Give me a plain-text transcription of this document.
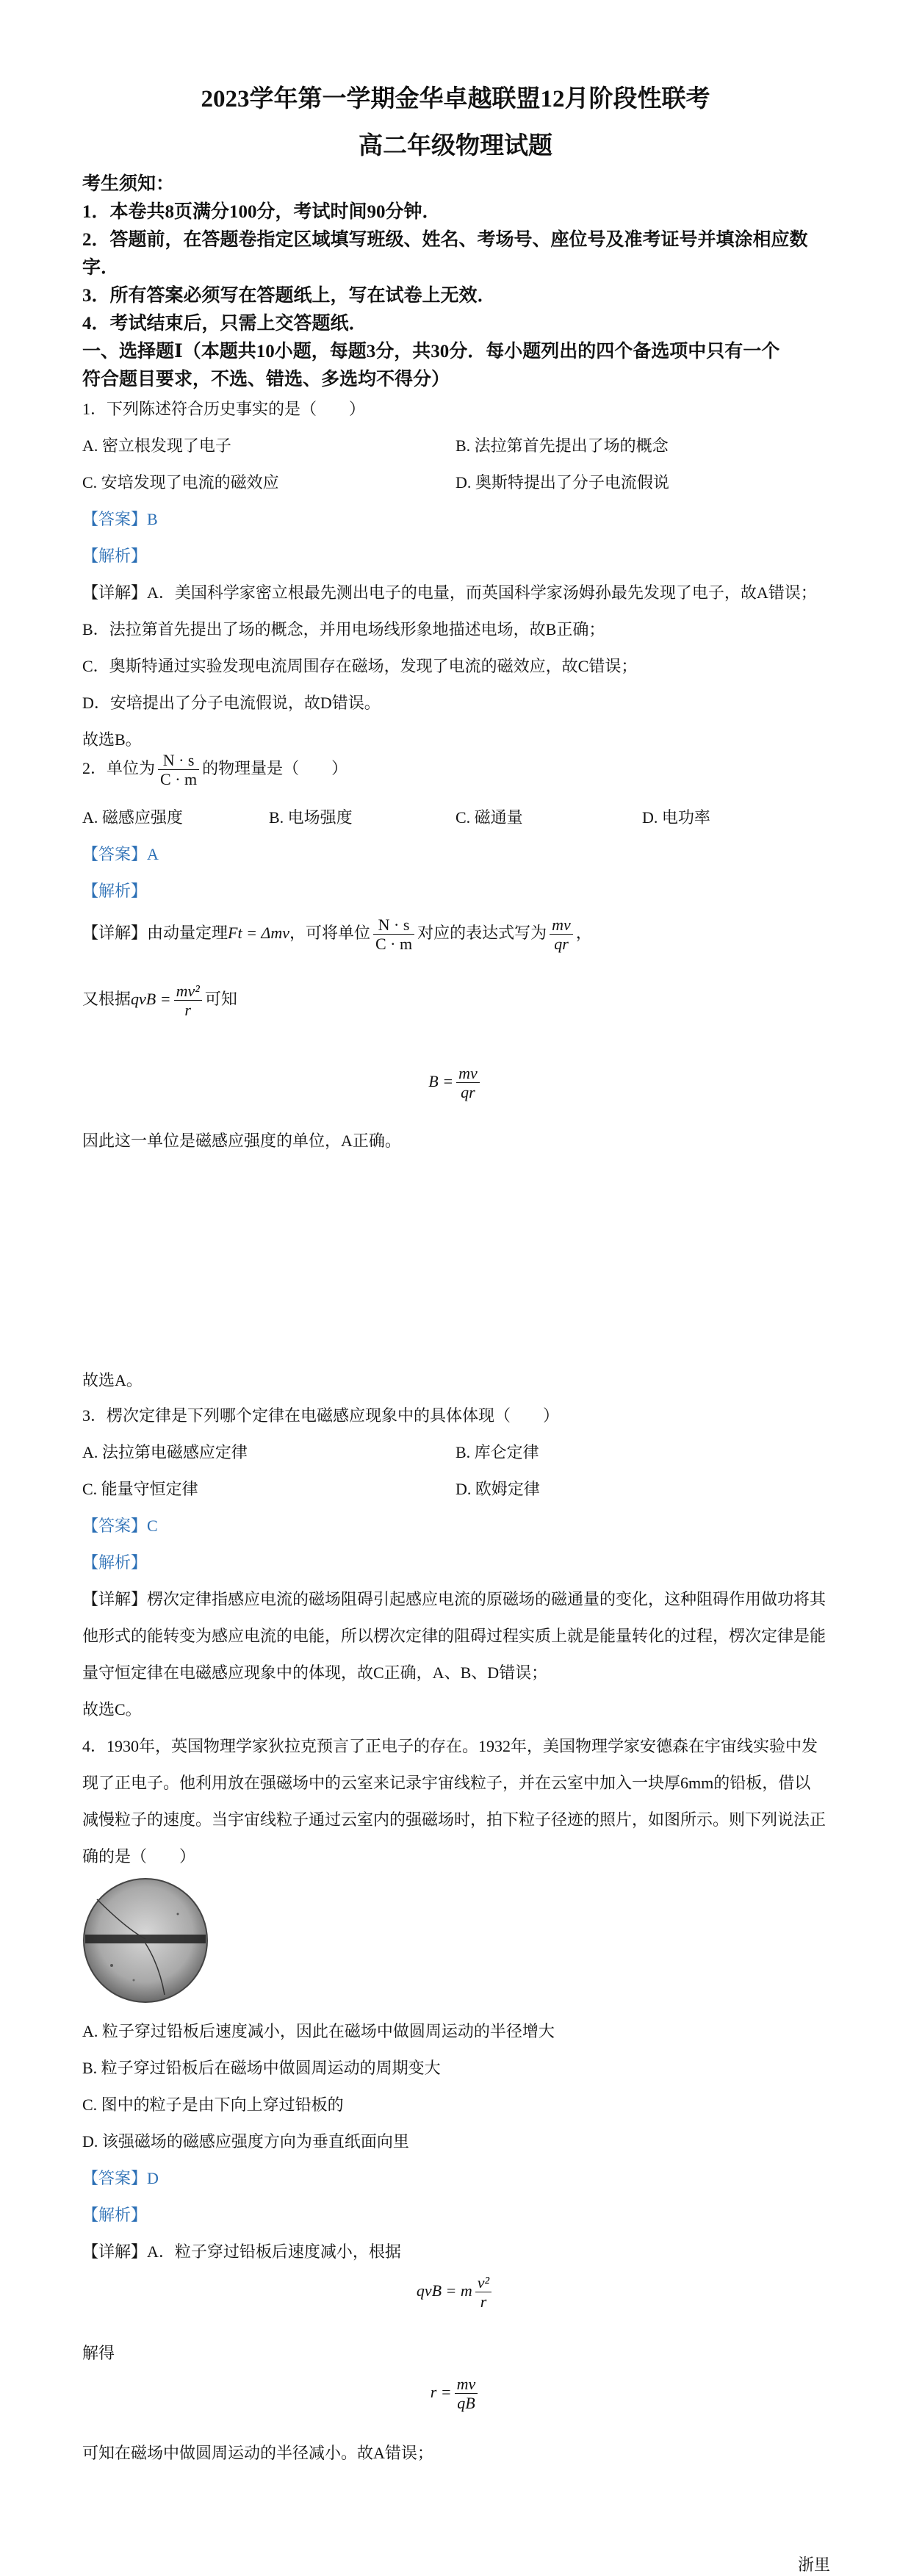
2023学年第一学期金华卓越联盟12月阶段性联考
高二年级物理试题
考生须知：
1．本卷共8页满分100分，考试时间90分钟．
2．答题前，在答题卷指定区域填写班级、姓名、考场号、座位号及准考证号并填涂相应数
字．
3．所有答案必须写在答题纸上，写在试卷上无效．
4．考试结束后，只需上交答题纸．
一、选择题Ⅰ（本题共10小题，每题3分，共30分．每小题列出的四个备选项中只有一个
符合题目要求，不选、错选、多选均不得分）
1．下列陈述符合历史事实的是（　　）
A. 密立根发现了电子	B. 法拉第首先提出了场的概念
C. 安培发现了电流的磁效应	D. 奥斯特提出了分子电流假说
【答案】B
【解析】
【详解】A．美国科学家密立根最先测出电子的电量，而英国科学家汤姆孙最先发现了电子，故A错误；
B．法拉第首先提出了场的概念，并用电场线形象地描述电场，故B正确；
C．奥斯特通过实验发现电流周围存在磁场，发现了电流的磁效应，故C错误；
D．安培提出了分子电流假说，故D错误。
故选B。
2．单位为 $\frac{N \cdot s}{C \cdot m}$ 的物理量是（　　）
A. 磁感应强度	B. 电场强度	C. 磁通量	D. 电功率
【答案】A
【解析】
【详解】由动量定理Ft = Δmv，可将单位 $\frac{N \cdot s}{C \cdot m}$ 对应的表达式写为 $\frac{mv}{qr}$ ，
又根据qvB = $\frac{\text{mv²}}{r}$ 可知
$B = \frac{mv}{qr}$
因此这一单位是磁感应强度的单位，A正确。
故选A。
3．楞次定律是下列哪个定律在电磁感应现象中的具体体现（　　）
A. 法拉第电磁感应定律	B. 库仑定律
C. 能量守恒定律	D. 欧姆定律
【答案】C
【解析】
【详解】楞次定律指感应电流的磁场阻碍引起感应电流的原磁场的磁通量的变化，这种阻碍作用做功将其
他形式的能转变为感应电流的电能，所以楞次定律的阻碍过程实质上就是能量转化的过程，楞次定律是能
量守恒定律在电磁感应现象中的体现，故C正确，A、B、D错误；
故选C。
4．1930年，英国物理学家狄拉克预言了正电子的存在。1932年，美国物理学家安德森在宇宙线实验中发
现了正电子。他利用放在强磁场中的云室来记录宇宙线粒子，并在云室中加入一块厚6mm的铅板，借以
减慢粒子的速度。当宇宙线粒子通过云室内的强磁场时，拍下粒子径迹的照片，如图所示。则下列说法正
确的是（　　）
A. 粒子穿过铅板后速度减小，因此在磁场中做圆周运动的半径增大
B. 粒子穿过铅板后在磁场中做圆周运动的周期变大
C. 图中的粒子是由下向上穿过铅板的
D. 该强磁场的磁感应强度方向为垂直纸面向里
【答案】D
【解析】
【详解】A．粒子穿过铅板后速度减小，根据
qvB = m $\frac{\text{v²}}{r}$
解得
$r = \frac{mv}{qB}$
可知在磁场中做圆周运动的半径减小。故A错误；
浙里
